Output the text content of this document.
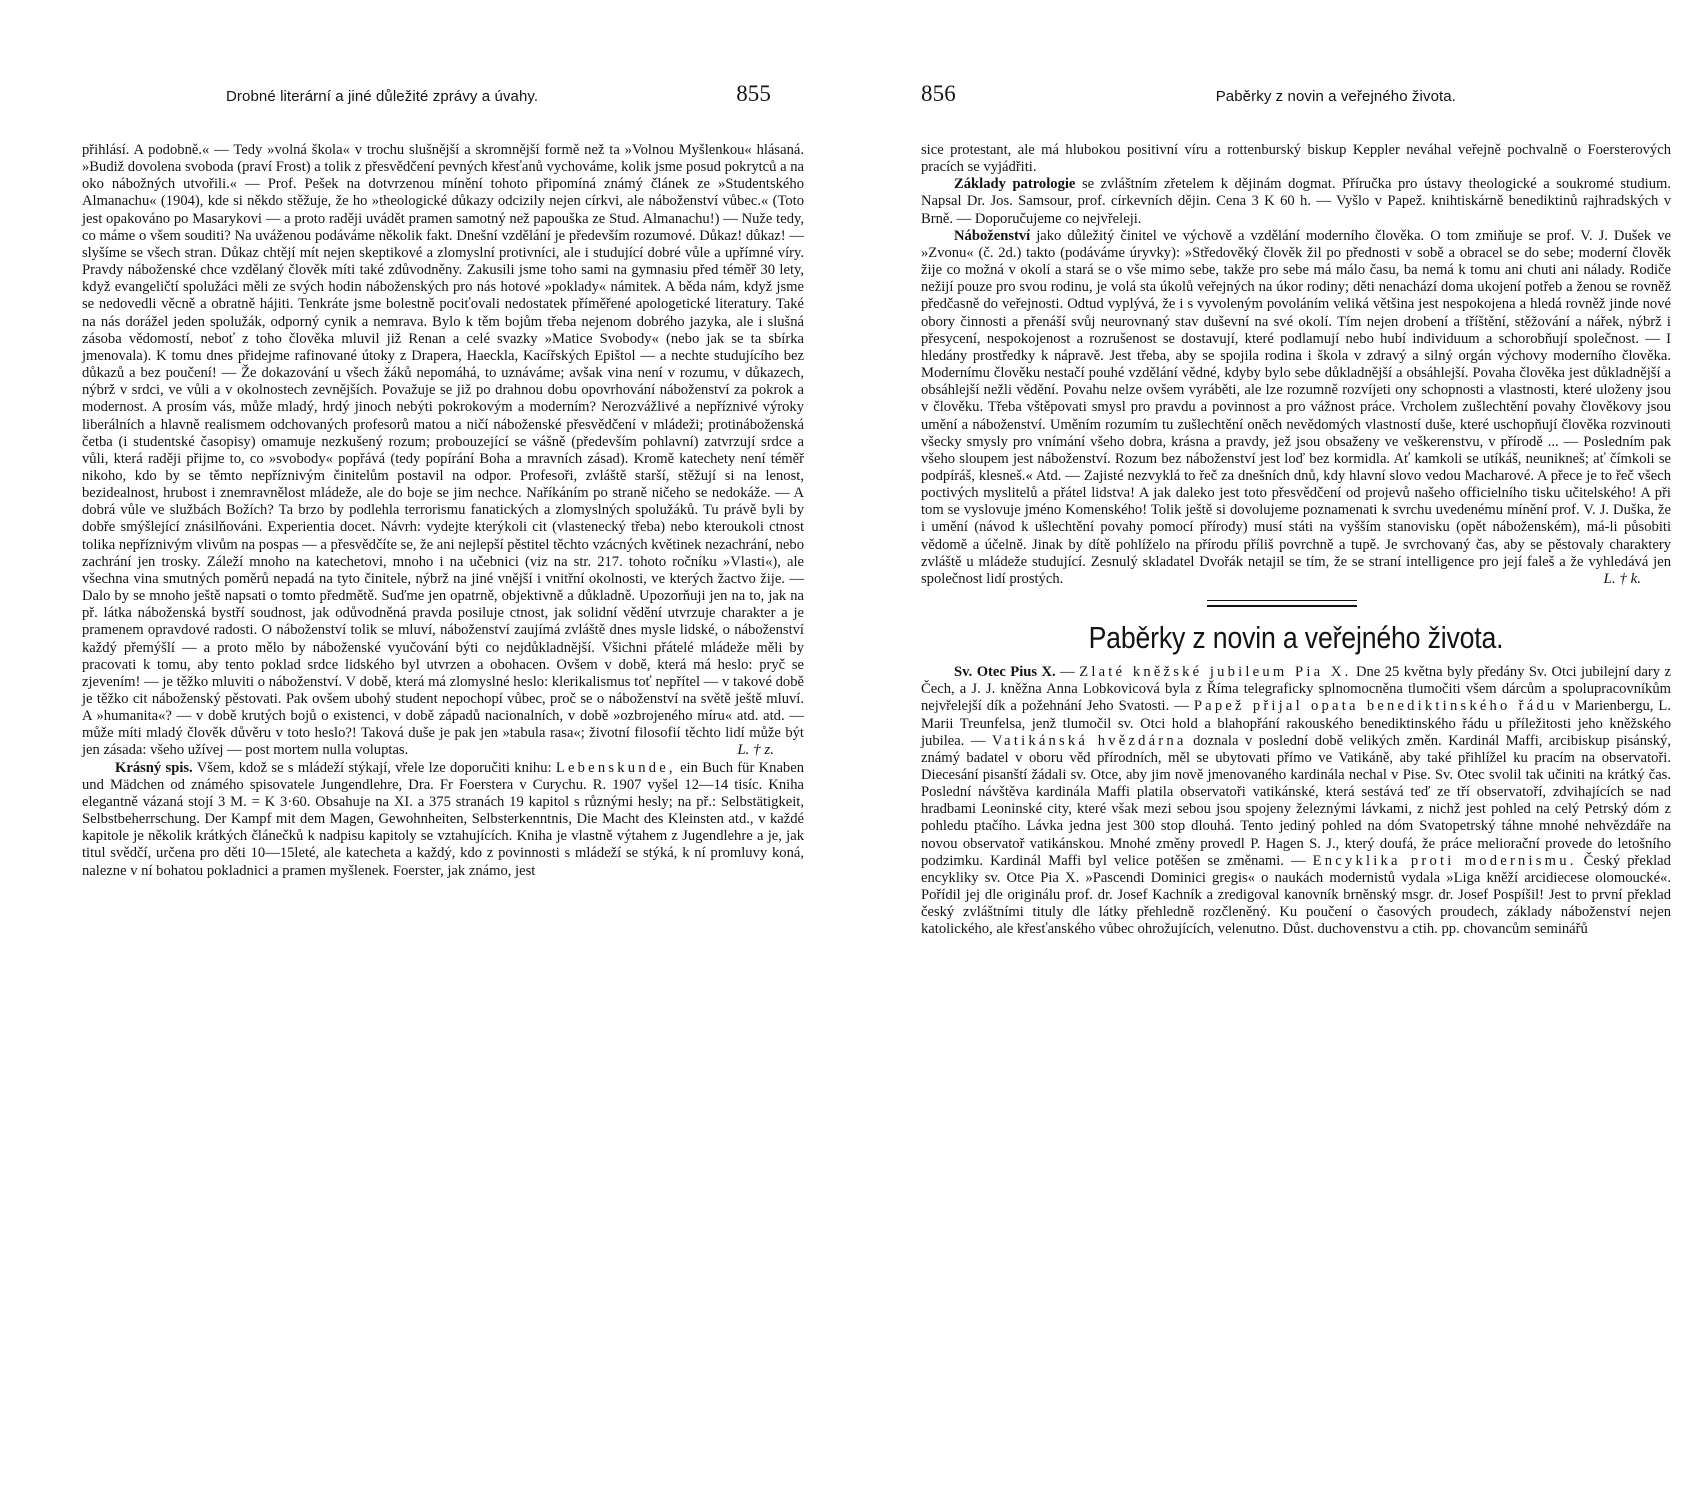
Drobné literární a jiné důležité zprávy a úvahy.	855

přihlásí. A podobně.« — Tedy »volná škola« v trochu slušnější a skromnější formě než ta »Volnou Myšlenkou« hlásaná. »Budiž dovolena svoboda (praví Frost) a tolik z přesvědčení pevných křesťanů vychováme, kolik jsme posud pokrytců a na oko nábožných utvořili.« — Prof. Pešek na dotvrzenou mínění tohoto připomíná známý článek ze »Studentského Almanachu« (1904), kde si někdo stěžuje, že ho »theologické důkazy odcizily nejen církvi, ale náboženství vůbec.« (Toto jest opakováno po Masarykovi — a proto raději uvádět pramen samotný než papouška ze Stud. Almanachu!) — Nuže tedy, co máme o všem souditi? Na uváženou podáváme několik fakt. Dnešní vzdělání je především rozumové. Důkaz! důkaz! — slyšíme se všech stran. Důkaz chtějí mít nejen skeptikové a zlomyslní protivníci, ale i studující dobré vůle a upřímné víry. Pravdy náboženské chce vzdělaný člověk míti také zdůvodněny. Zakusili jsme toho sami na gymnasiu před téměř 30 lety, když evangeličtí spolužáci měli ze svých hodin náboženských pro nás hotové »poklady« námitek. A běda nám, když jsme se nedovedli věcně a obratně hájiti. Tenkráte jsme bolestně pociťovali nedostatek příměřené apologetické literatury. Také na nás dorážel jeden spolužák, odporný cynik a nemrava. Bylo k těm bojům třeba nejenom dobrého jazyka, ale i slušná zásoba vědomostí, neboť z toho člověka mluvil již Renan a celé svazky »Matice Svobody« (nebo jak se ta sbírka jmenovala). K tomu dnes přidejme rafinované útoky z Drapera, Haeckla, Kacířských Epištol — a nechte studujícího bez důkazů a bez poučení! — Že dokazování u všech žáků nepomáhá, to uznáváme; avšak vina není v rozumu, v důkazech, nýbrž v srdci, ve vůli a v okolnostech zevnějších. Považuje se již po drahnou dobu opovrhování náboženství za pokrok a modernost. A prosím vás, může mladý, hrdý jinoch nebýti pokrokovým a moderním? Nerozvážlivé a nepříznivé výroky liberálních a hlavně realismem odchovaných profesorů matou a ničí náboženské přesvědčení v mládeži; protináboženská četba (i studentské časopisy) omamuje nezkušený rozum; probouzející se vášně (především pohlavní) zatvrzují srdce a vůli, která raději přijme to, co »svobody« popřává (tedy popírání Boha a mravních zásad). Kromě katechety není téměř nikoho, kdo by se těmto nepříznivým činitelům postavil na odpor. Profesoři, zvláště starší, stěžují si na lenost, bezidealnost, hrubost i znemravnělost mládeže, ale do boje se jim nechce. Naříkáním po straně ničeho se nedokáže. — A dobrá vůle ve službách Božích? Ta brzo by podlehla terrorismu fanatických a zlomyslných spolužáků. Tu právě byli by dobře smýšlející znásilňováni. Experientia docet. Návrh: vydejte kterýkoli cit (vlastenecký třeba) nebo kteroukoli ctnost tolika nepříznivým vlivům na pospas — a přesvědčíte se, že ani nejlepší pěstitel těchto vzácných květinek nezachrání, nebo zachrání jen trosky. Záleží mnoho na katechetovi, mnoho i na učebnici (viz na str. 217. tohoto ročníku »Vlasti«), ale všechna vina smutných poměrů nepadá na tyto činitele, nýbrž na jiné vnější i vnitřní okolnosti, ve kterých žactvo žije. — Dalo by se mnoho ještě napsati o tomto předmětě. Suďme jen opatrně, objektivně a důkladně. Upozorňuji jen na to, jak na př. látka náboženská bystří soudnost, jak odůvodněná pravda posiluje ctnost, jak solidní vědění utvrzuje charakter a je pramenem opravdové radosti. O náboženství tolik se mluví, náboženství zaujímá zvláště dnes mysle lidské, o náboženství každý přemýšlí — a proto mělo by náboženské vyučování býti co nejdůkladnější. Všichni přátelé mládeže měli by pracovati k tomu, aby tento poklad srdce lidského byl utvrzen a obohacen. Ovšem v době, která má heslo: pryč se zjevením! — je těžko mluviti o náboženství. V době, která má zlomyslné heslo: klerikalismus toť nepřítel — v takové době je těžko cit náboženský pěstovati. Pak ovšem ubohý student nepochopí vůbec, proč se o náboženství na světě ještě mluví. A »humanita«? — v době krutých bojů o existenci, v době západů nacionalních, v době »ozbrojeného míru« atd. atd. — může míti mladý člověk důvěru v toto heslo?! Taková duše je pak jen »tabula rasa«; životní filosofií těchto lidí může být jen zásada: všeho užívej — post mortem nulla voluptas.	L. † z.

Krásný spis. Všem, kdož se s mládeží stýkají, vřele lze doporučiti knihu: Lebenskunde, ein Buch für Knaben und Mädchen od známého spisovatele Jungendlehre, Dra. Fr Foerstera v Curychu. R. 1907 vyšel 12—14 tisíc. Kniha elegantně vázaná stojí 3 M. = K 3·60. Obsahuje na XI. a 375 stranách 19 kapitol s různými hesly; na př.: Selbstätigkeit, Selbstbeherrschung. Der Kampf mit dem Magen, Gewohnheiten, Selbsterkenntnis, Die Macht des Kleinsten atd., v každé kapitole je několik krátkých článečků k nadpisu kapitoly se vztahujících. Kniha je vlastně výtahem z Jugendlehre a je, jak titul svědčí, určena pro děti 10—15leté, ale katecheta a každý, kdo z povinnosti s mládeží se stýká, k ní promluvy koná, nalezne v ní bohatou pokladnici a pramen myšlenek. Foerster, jak známo, jest

856	Paběrky z novin a veřejného života.

sice protestant, ale má hlubokou positivní víru a rottenburský biskup Keppler neváhal veřejně pochvalně o Foersterových pracích se vyjádřiti.

Základy patrologie se zvláštním zřetelem k dějinám dogmat. Příručka pro ústavy theologické a soukromé studium. Napsal Dr. Jos. Samsour, prof. církevních dějin. Cena 3 K 60 h. — Vyšlo v Papež. knihtiskárně benediktinů rajhradských v Brně. — Doporučujeme co nejvřeleji.

Náboženství jako důležitý činitel ve výchově a vzdělání moderního člověka. O tom zmiňuje se prof. V. J. Dušek ve »Zvonu« (č. 2d.) takto (podáváme úryvky): »Středověký člověk žil po přednosti v sobě a obracel se do sebe; moderní člověk žije co možná v okolí a stará se o vše mimo sebe, takže pro sebe má málo času, ba nemá k tomu ani chuti ani nálady. Rodiče nežijí pouze pro svou rodinu, je volá sta úkolů veřejných na úkor rodiny; děti nenachází doma ukojení potřeb a ženou se rovněž předčasně do veřejnosti. Odtud vyplývá, že i s vyvoleným povoláním veliká většina jest nespokojena a hledá rovněž jinde nové obory činnosti a přenáší svůj neurovnaný stav duševní na své okolí. Tím nejen drobení a tříštění, stěžování a nářek, nýbrž i přesycení, nespokojenost a rozrušenost se dostavují, které podlamují nebo hubí individuum a schorobňují společnost. — I hledány prostředky k nápravě. Jest třeba, aby se spojila rodina i škola v zdravý a silný orgán výchovy moderního člověka. Modernímu člověku nestačí pouhé vzdělání vědné, kdyby bylo sebe důkladnější a obsáhlejší. Povaha člověka jest důkladnější a obsáhlejší nežli vědění. Povahu nelze ovšem vyráběti, ale lze rozumně rozvíjeti ony schopnosti a vlastnosti, které uloženy jsou v člověku. Třeba vštěpovati smysl pro pravdu a povinnost a pro vážnost práce. Vrcholem zušlechtění povahy člověkovy jsou umění a náboženství. Uměním rozumím tu zušlechtění oněch nevědomých vlastností duše, které uschopňují člověka rozvinouti všecky smysly pro vnímání všeho dobra, krásna a pravdy, jež jsou obsaženy ve veškerenstvu, v přírodě ... — Posledním pak všeho sloupem jest náboženství. Rozum bez náboženství jest loď bez kormidla. Ať kamkoli se utíkáš, neunikneš; ať čímkoli se podpíráš, klesneš.« Atd. — Zajisté nezvyklá to řeč za dnešních dnů, kdy hlavní slovo vedou Macharové. A přece je to řeč všech poctivých myslitelů a přátel lidstva! A jak daleko jest toto přesvědčení od projevů našeho officielního tisku učitelského! A při tom se vyslovuje jméno Komenského! Tolik ještě si dovolujeme poznamenati k svrchu uvedenému mínění prof. V. J. Duška, že i umění (návod k ušlechtění povahy pomocí přírody) musí státi na vyšším stanovisku (opět náboženském), má-li působiti vědomě a účelně. Jinak by dítě pohlíželo na přírodu příliš povrchně a tupě. Je svrchovaný čas, aby se pěstovaly charaktery zvláště u mládeže studující. Zesnulý skladatel Dvořák netajil se tím, že se straní intelligence pro její faleš a že vyhledává jen společnost lidí prostých.	L. † k.

Paběrky z novin a veřejného života.

Sv. Otec Pius X. — Zlaté kněžské jubileum Pia X. Dne 25 května byly předány Sv. Otci jubilejní dary z Čech, a J. J. kněžna Anna Lobkovicová byla z Říma telegraficky splnomocněna tlumočiti všem dárcům a spolupracovníkům nejvřelejší dík a požehnání Jeho Svatosti. — Papež přijal opata benediktinského řádu v Marienbergu, L. Marii Treunfelsa, jenž tlumočil sv. Otci hold a blahopřání rakouského benediktinského řádu u příležitosti jeho kněžského jubilea. — Vatikánská hvězdárna doznala v poslední době velikých změn. Kardinál Maffi, arcibiskup pisánský, známý badatel v oboru věd přírodních, měl se ubytovati přímo ve Vatikáně, aby také přihlížel ku pracím na observatoři. Diecesání pisanští žádali sv. Otce, aby jim nově jmenovaného kardinála nechal v Pise. Sv. Otec svolil tak učiniti na krátký čas. Poslední návštěva kardinála Maffi platila observatoři vatikánské, která sestává teď ze tří observatoří, zdvihajících se nad hradbami Leoninské city, které však mezi sebou jsou spojeny železnými lávkami, z nichž jest pohled na celý Petrský dóm z pohledu ptačího. Lávka jedna jest 300 stop dlouhá. Tento jediný pohled na dóm Svatopetrský táhne mnohé nehvězdáře na novou observatoř vatikánskou. Mnohé změny provedl P. Hagen S. J., který doufá, že práce meliorační provede do letošního podzimku. Kardinál Maffi byl velice potěšen se změnami. — Encyklika proti modernismu. Český překlad encykliky sv. Otce Pia X. »Pascendi Dominici gregis« o naukách modernistů vydala »Liga kněží arcidiecese olomoucké«. Pořídil jej dle originálu prof. dr. Josef Kachník a zredigoval kanovník brněnský msgr. dr. Josef Pospíšil! Jest to první překlad český zvláštními tituly dle látky přehledně rozčleněný. Ku poučení o časových proudech, základy náboženství nejen katolického, ale křesťanského vůbec ohrožujících, velenutno. Důst. duchovenstvu a ctih. pp. chovancům seminářů
